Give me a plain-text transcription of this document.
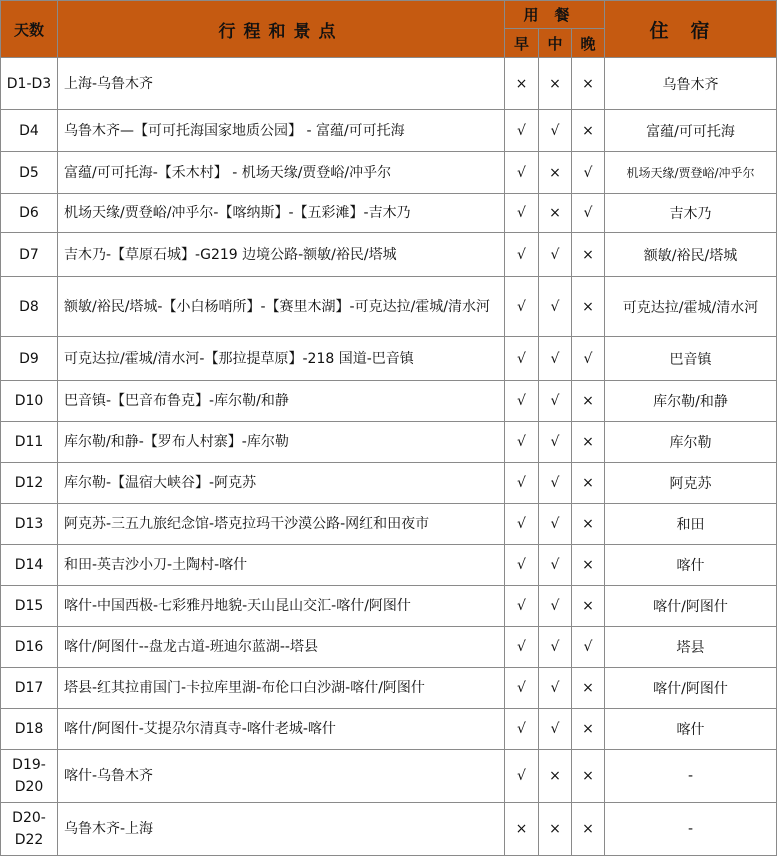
天数	行程和景点	用餐			住宿
		早	中	晚	
D1-D3	上海-乌鲁木齐	×	×	×	乌鲁木齐
D4	乌鲁木齐—【可可托海国家地质公园】 - 富蕴/可可托海	√	√	×	富蕴/可可托海
D5	富蕴/可可托海-【禾木村】 - 机场天缘/贾登峪/冲乎尔	√	×	√	机场天缘/贾登峪/冲乎尔
D6	机场天缘/贾登峪/冲乎尔-【喀纳斯】-【五彩滩】-吉木乃	√	×	√	吉木乃
D7	吉木乃-【草原石城】-G219 边境公路-额敏/裕民/塔城	√	√	×	额敏/裕民/塔城
D8	额敏/裕民/塔城-【小白杨哨所】-【赛里木湖】-可克达拉/霍城/清水河	√	√	×	可克达拉/霍城/清水河
D9	可克达拉/霍城/清水河-【那拉提草原】-218 国道-巴音镇	√	√	√	巴音镇
D10	巴音镇-【巴音布鲁克】-库尔勒/和静	√	√	×	库尔勒/和静
D11	库尔勒/和静-【罗布人村寨】-库尔勒	√	√	×	库尔勒
D12	库尔勒-【温宿大峡谷】-阿克苏	√	√	×	阿克苏
D13	阿克苏-三五九旅纪念馆-塔克拉玛干沙漠公路-网红和田夜市	√	√	×	和田
D14	和田-英吉沙小刀-土陶村-喀什	√	√	×	喀什
D15	喀什-中国西极-七彩雅丹地貌-天山昆山交汇-喀什/阿图什	√	√	×	喀什/阿图什
D16	喀什/阿图什--盘龙古道-班迪尔蓝湖--塔县	√	√	√	塔县
D17	塔县-红其拉甫国门-卡拉库里湖-布伦口白沙湖-喀什/阿图什	√	√	×	喀什/阿图什
D18	喀什/阿图什-艾提尕尔清真寺-喀什老城-喀什	√	√	×	喀什
D19-D20	喀什-乌鲁木齐	√	×	×	-
D20-D22	乌鲁木齐-上海	×	×	×	-
